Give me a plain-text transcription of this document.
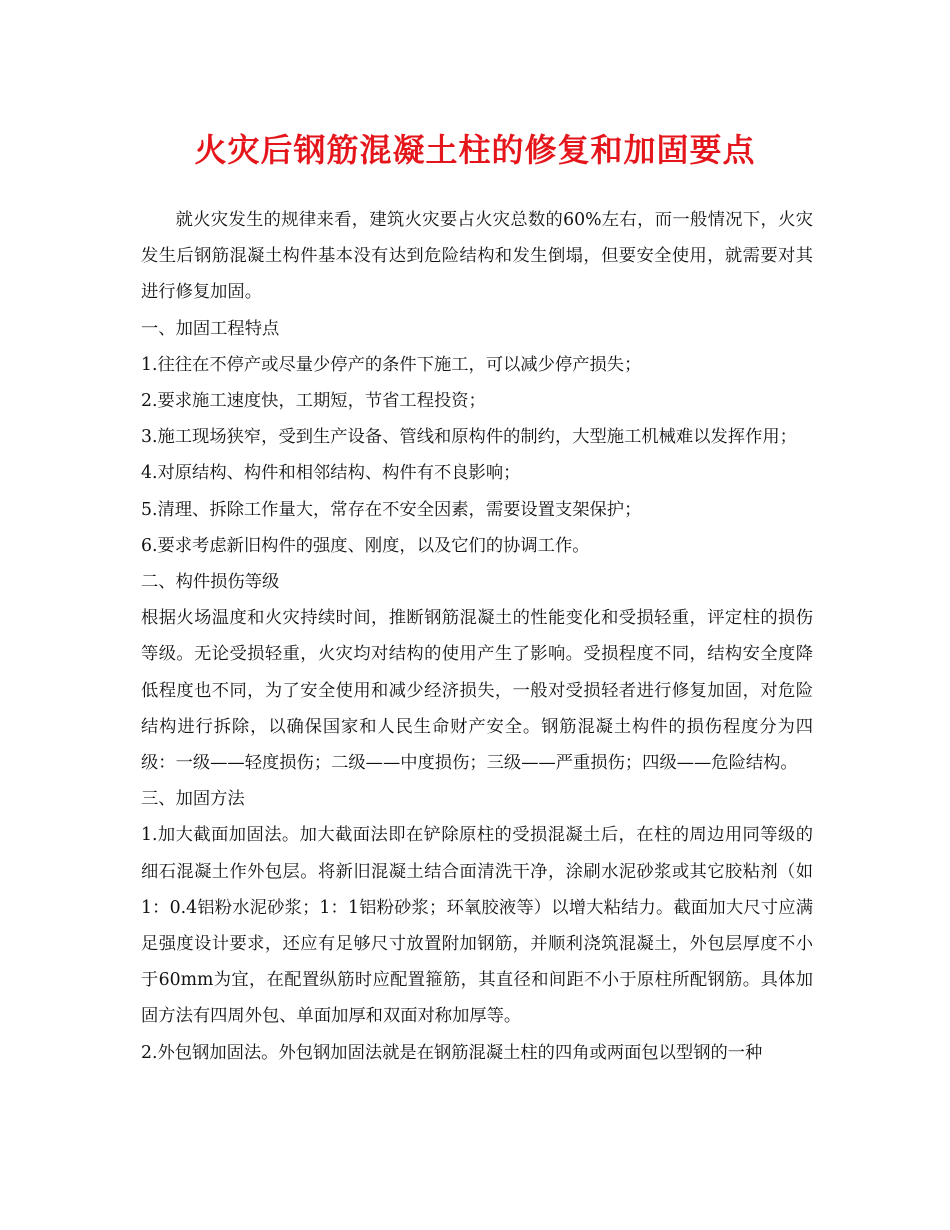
火灾后钢筋混凝土柱的修复和加固要点

就火灾发生的规律来看，建筑火灾要占火灾总数的60%左右，而一般情况下，火灾发生后钢筋混凝土构件基本没有达到危险结构和发生倒塌，但要安全使用，就需要对其进行修复加固。

一、加固工程特点

1.往往在不停产或尽量少停产的条件下施工，可以减少停产损失；

2.要求施工速度快，工期短，节省工程投资；

3.施工现场狭窄，受到生产设备、管线和原构件的制约，大型施工机械难以发挥作用；

4.对原结构、构件和相邻结构、构件有不良影响；

5.清理、拆除工作量大，常存在不安全因素，需要设置支架保护；

6.要求考虑新旧构件的强度、刚度，以及它们的协调工作。

二、构件损伤等级

根据火场温度和火灾持续时间，推断钢筋混凝土的性能变化和受损轻重，评定柱的损伤等级。无论受损轻重，火灾均对结构的使用产生了影响。受损程度不同，结构安全度降低程度也不同，为了安全使用和减少经济损失，一般对受损轻者进行修复加固，对危险结构进行拆除，以确保国家和人民生命财产安全。钢筋混凝土构件的损伤程度分为四级：一级——轻度损伤；二级——中度损伤；三级——严重损伤；四级——危险结构。

三、加固方法

1.加大截面加固法。加大截面法即在铲除原柱的受损混凝土后，在柱的周边用同等级的细石混凝土作外包层。将新旧混凝土结合面清洗干净，涂刷水泥砂浆或其它胶粘剂（如1：0.4铝粉水泥砂浆；1：1铝粉砂浆；环氧胶液等）以增大粘结力。截面加大尺寸应满足强度设计要求，还应有足够尺寸放置附加钢筋，并顺利浇筑混凝土，外包层厚度不小于60mm为宜，在配置纵筋时应配置箍筋，其直径和间距不小于原柱所配钢筋。具体加固方法有四周外包、单面加厚和双面对称加厚等。

2.外包钢加固法。外包钢加固法就是在钢筋混凝土柱的四角或两面包以型钢的一种
